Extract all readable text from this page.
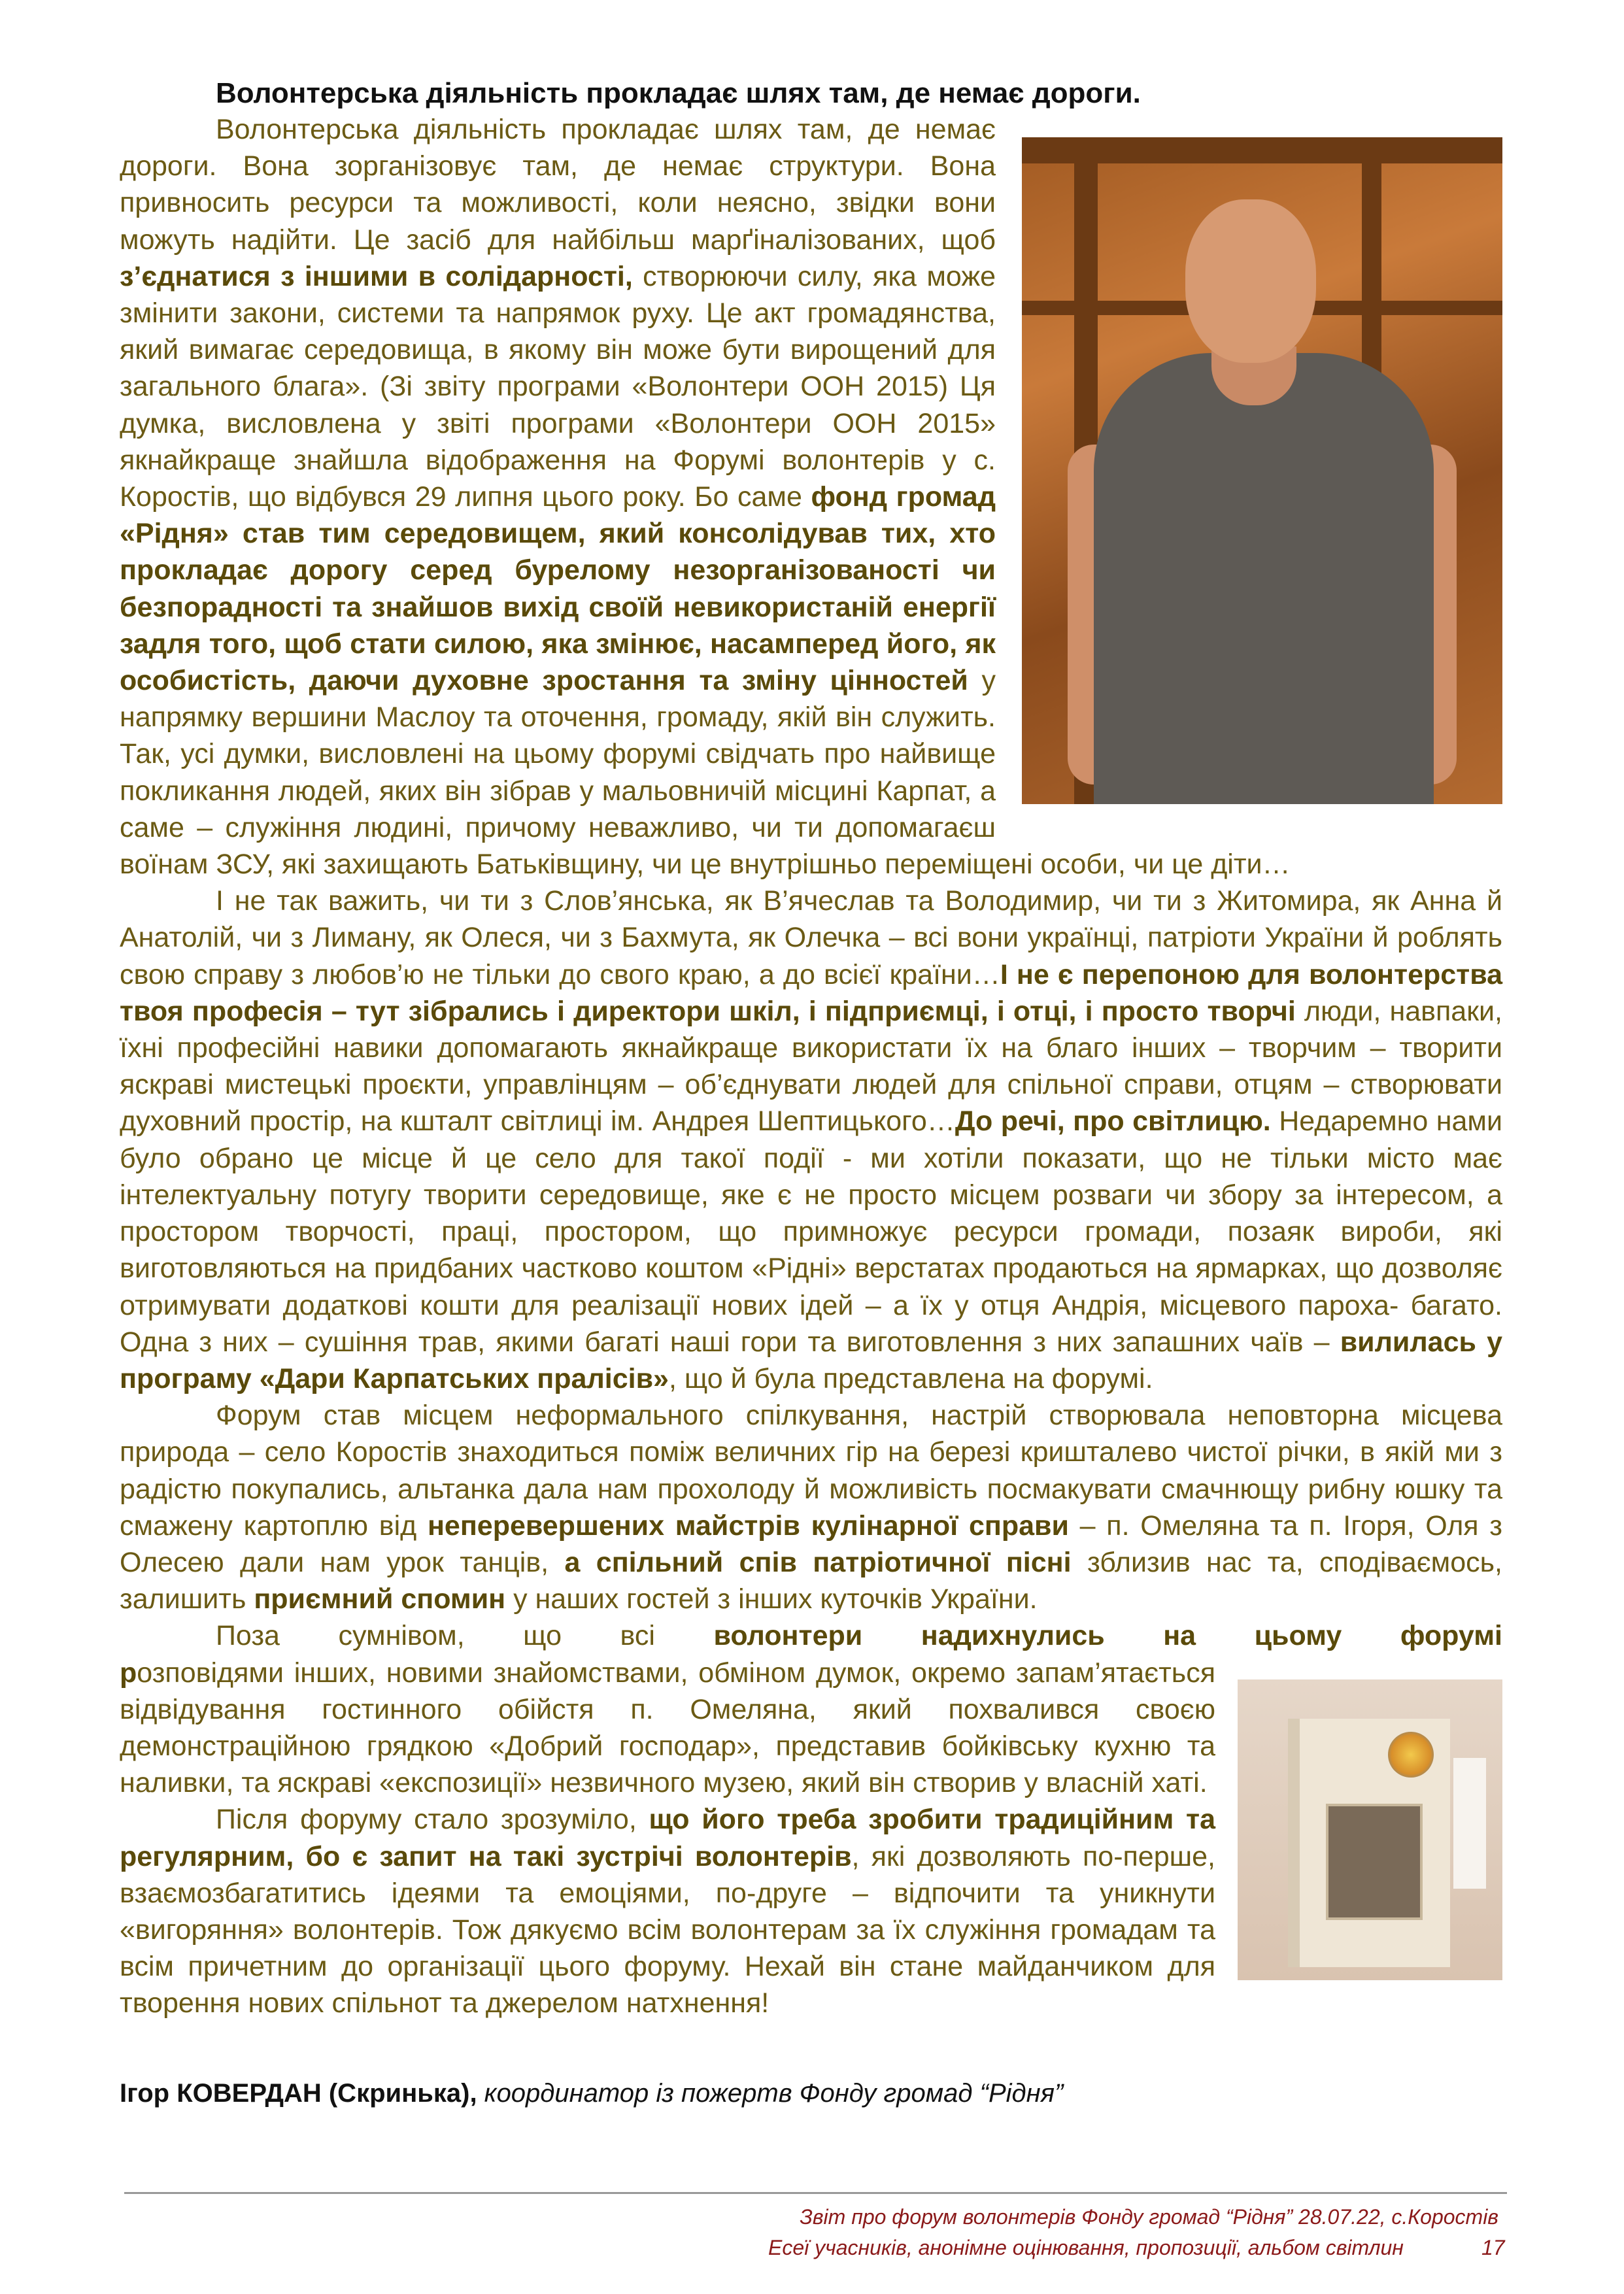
Волонтерська діяльність прокладає шлях там, де немає дороги.

Волонтерська діяльність прокладає шлях там, де немає дороги. Вона зорганізовує там, де немає структури. Вона привносить ресурси та можливості, коли неясно, звідки вони можуть надійти. Це засіб для найбільш марґіналізованих, щоб з’єднатися з іншими в солідарності, створюючи силу, яка може змінити закони, системи та напрямок руху. Це акт громадянства, який вимагає середовища, в якому він може бути вирощений для загального блага». (Зі звіту програми «Волонтери ООН 2015) Ця думка, висловлена у звіті програми «Волонтери ООН 2015» якнайкраще знайшла відображення на Форумі волонтерів у с. Коростів, що відбувся 29 липня цього року. Бо саме фонд громад «Рідня» став тим середовищем, який консолідував тих, хто прокладає дорогу серед бурелому незорганізованості чи безпорадності та знайшов вихід своїй невикористаній енергії задля того, щоб стати силою, яка змінює, насамперед його, як особистість, даючи духовне зростання та зміну цінностей у напрямку вершини Маслоу та оточення, громаду, якій він служить. Так, усі думки, висловлені на цьому форумі свідчать про найвище покликання людей, яких він зібрав у мальовничій місцині Карпат, а саме – служіння людині, причому неважливо, чи ти допомагаєш воїнам ЗСУ, які захищають Батьківщину, чи це внутрішньо переміщені особи, чи це діти…

І не так важить, чи ти з Слов’янська, як В’ячеслав та Володимир, чи ти з Житомира, як Анна й Анатолій, чи з Лиману, як Олеся, чи з Бахмута, як Олечка – всі вони українці, патріоти України й роблять свою справу з любов’ю не тільки до свого краю, а до всієї країни…І не є перепоною для волонтерства твоя професія – тут зібрались і директори шкіл, і підприємці, і отці, і просто творчі люди, навпаки, їхні професійні навики допомагають якнайкраще використати їх на благо інших – творчим – творити яскраві мистецькі проєкти, управлінцям – об’єднувати людей для спільної справи, отцям – створювати духовний простір, на кшталт світлиці ім. Андрея Шептицького…До речі, про світлицю. Недаремно нами було обрано це місце й це село для такої події - ми хотіли показати, що не тільки місто має інтелектуальну потугу творити середовище, яке є не просто місцем розваги чи збору за інтересом, а простором творчості, праці, простором, що примножує ресурси громади, позаяк вироби, які виготовляються на придбаних частково коштом «Рідні» верстатах продаються на ярмарках, що дозволяє отримувати додаткові кошти для реалізації нових ідей – а їх у отця Андрія, місцевого пароха- багато. Одна з них – сушіння трав, якими багаті наші гори та виготовлення з них запашних чаїв – вилилась у програму «Дари Карпатських пралісів», що й була представлена на форумі.

Форум став місцем неформального спілкування, настрій створювала неповторна місцева природа – село Коростів знаходиться поміж величних гір на березі кришталево чистої річки, в якій ми з радістю покупались, альтанка дала нам прохолоду й можливість посмакувати смачнющу рибну юшку та смажену картоплю від неперевершених майстрів кулінарної справи – п. Омеляна та п. Ігоря, Оля з Олесею дали нам урок танців, а спільний спів патріотичної пісні зблизив нас та, сподіваємось, залишить приємний спомин у наших гостей з інших куточків України.

Поза сумнівом, що всі волонтери надихнулись на цьому форумі р
озповідями інших, новими знайомствами, обміном думок, окремо запам’ятається відвідування гостинного обійстя п. Омеляна, який похвалився своєю демонстраційною грядкою «Добрий господар», представив бойківську кухню та наливки, та яскраві «експозиції» незвичного музею, який він створив у власній хаті.

Після форуму стало зрозуміло, що його треба зробити традиційним та регулярним, бо є запит на такі зустрічі волонтерів, які дозволяють по-перше, взаємозбагатитись ідеями та емоціями, по-друге – відпочити та уникнути «вигоряння» волонтерів. Тож дякуємо всім волонтерам за їх служіння громадам та всім причетним до організації цього форуму. Нехай він стане майданчиком для творення нових спільнот та джерелом натхнення!

Ігор КОВЕРДАН (Скринька), координатор із пожертв Фонду громад “Рідня”
Звіт про форум волонтерів Фонду громад “Рідня” 28.07.22, с.Коростів
Есеї учасників, анонімне оцінювання, пропозиції, альбом світлин	17
